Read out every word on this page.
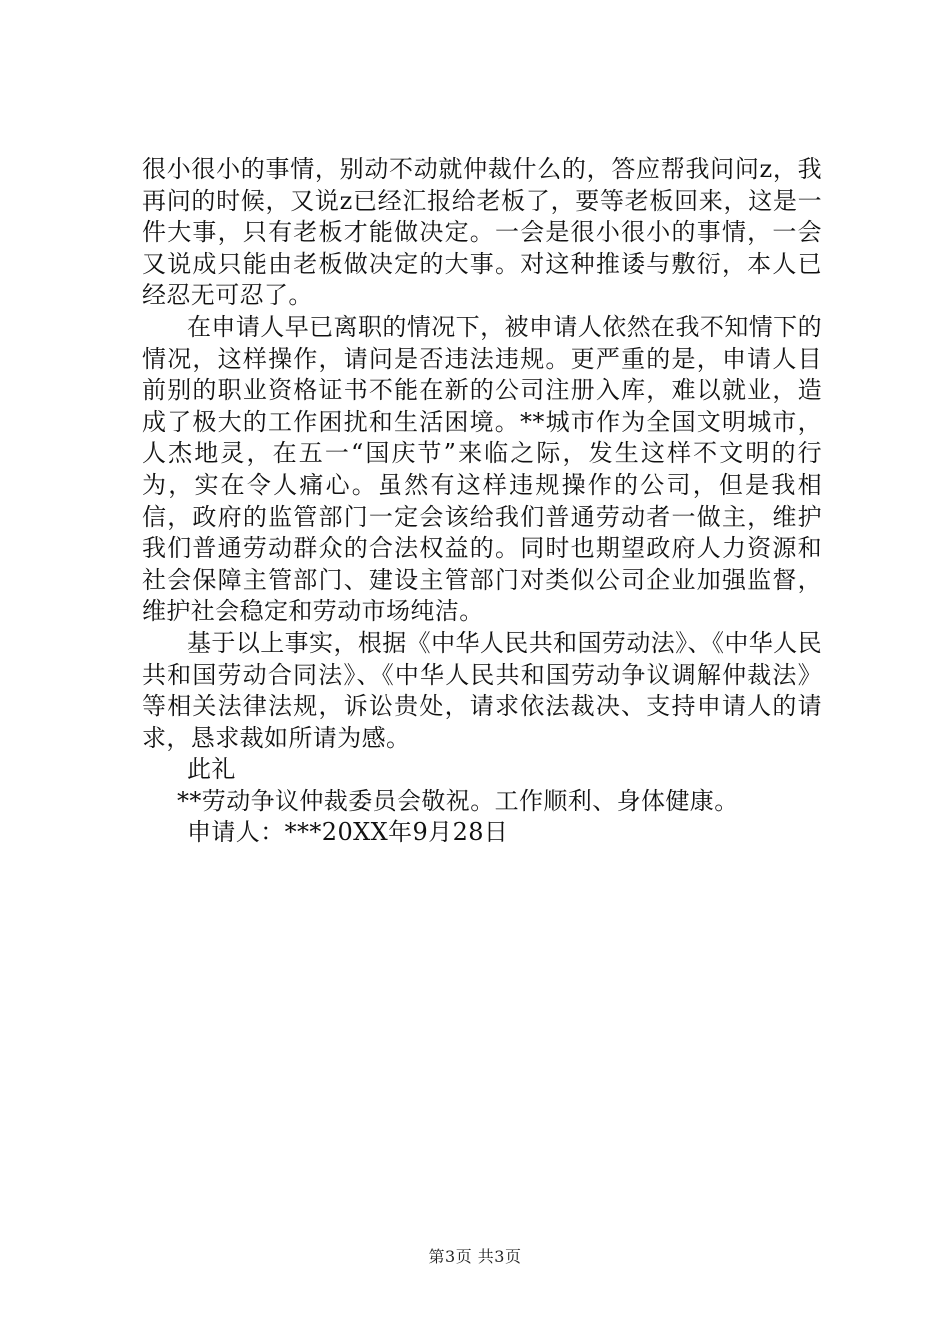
很小很小的事情，别动不动就仲裁什么的，答应帮我问问z，我再问的时候，又说z已经汇报给老板了，要等老板回来，这是一件大事，只有老板才能做决定。一会是很小很小的事情，一会又说成只能由老板做决定的大事。对这种推诿与敷衍，本人已经忍无可忍了。

在申请人早已离职的情况下，被申请人依然在我不知情下的情况，这样操作，请问是否违法违规。更严重的是，申请人目前别的职业资格证书不能在新的公司注册入库，难以就业，造成了极大的工作困扰和生活困境。**城市作为全国文明城市，人杰地灵，在五一“国庆节”来临之际，发生这样不文明的行为，实在令人痛心。虽然有这样违规操作的公司，但是我相信，政府的监管部门一定会该给我们普通劳动者一做主，维护我们普通劳动群众的合法权益的。同时也期望政府人力资源和社会保障主管部门、建设主管部门对类似公司企业加强监督，维护社会稳定和劳动市场纯洁。

基于以上事实，根据《中华人民共和国劳动法》、《中华人民共和国劳动合同法》、《中华人民共和国劳动争议调解仲裁法》等相关法律法规，诉讼贵处，请求依法裁决、支持申请人的请求，恳求裁如所请为感。

此礼

**劳动争议仲裁委员会敬祝。工作顺利、身体健康。

申请人：***20XX年9月28日

第3页 共3页
